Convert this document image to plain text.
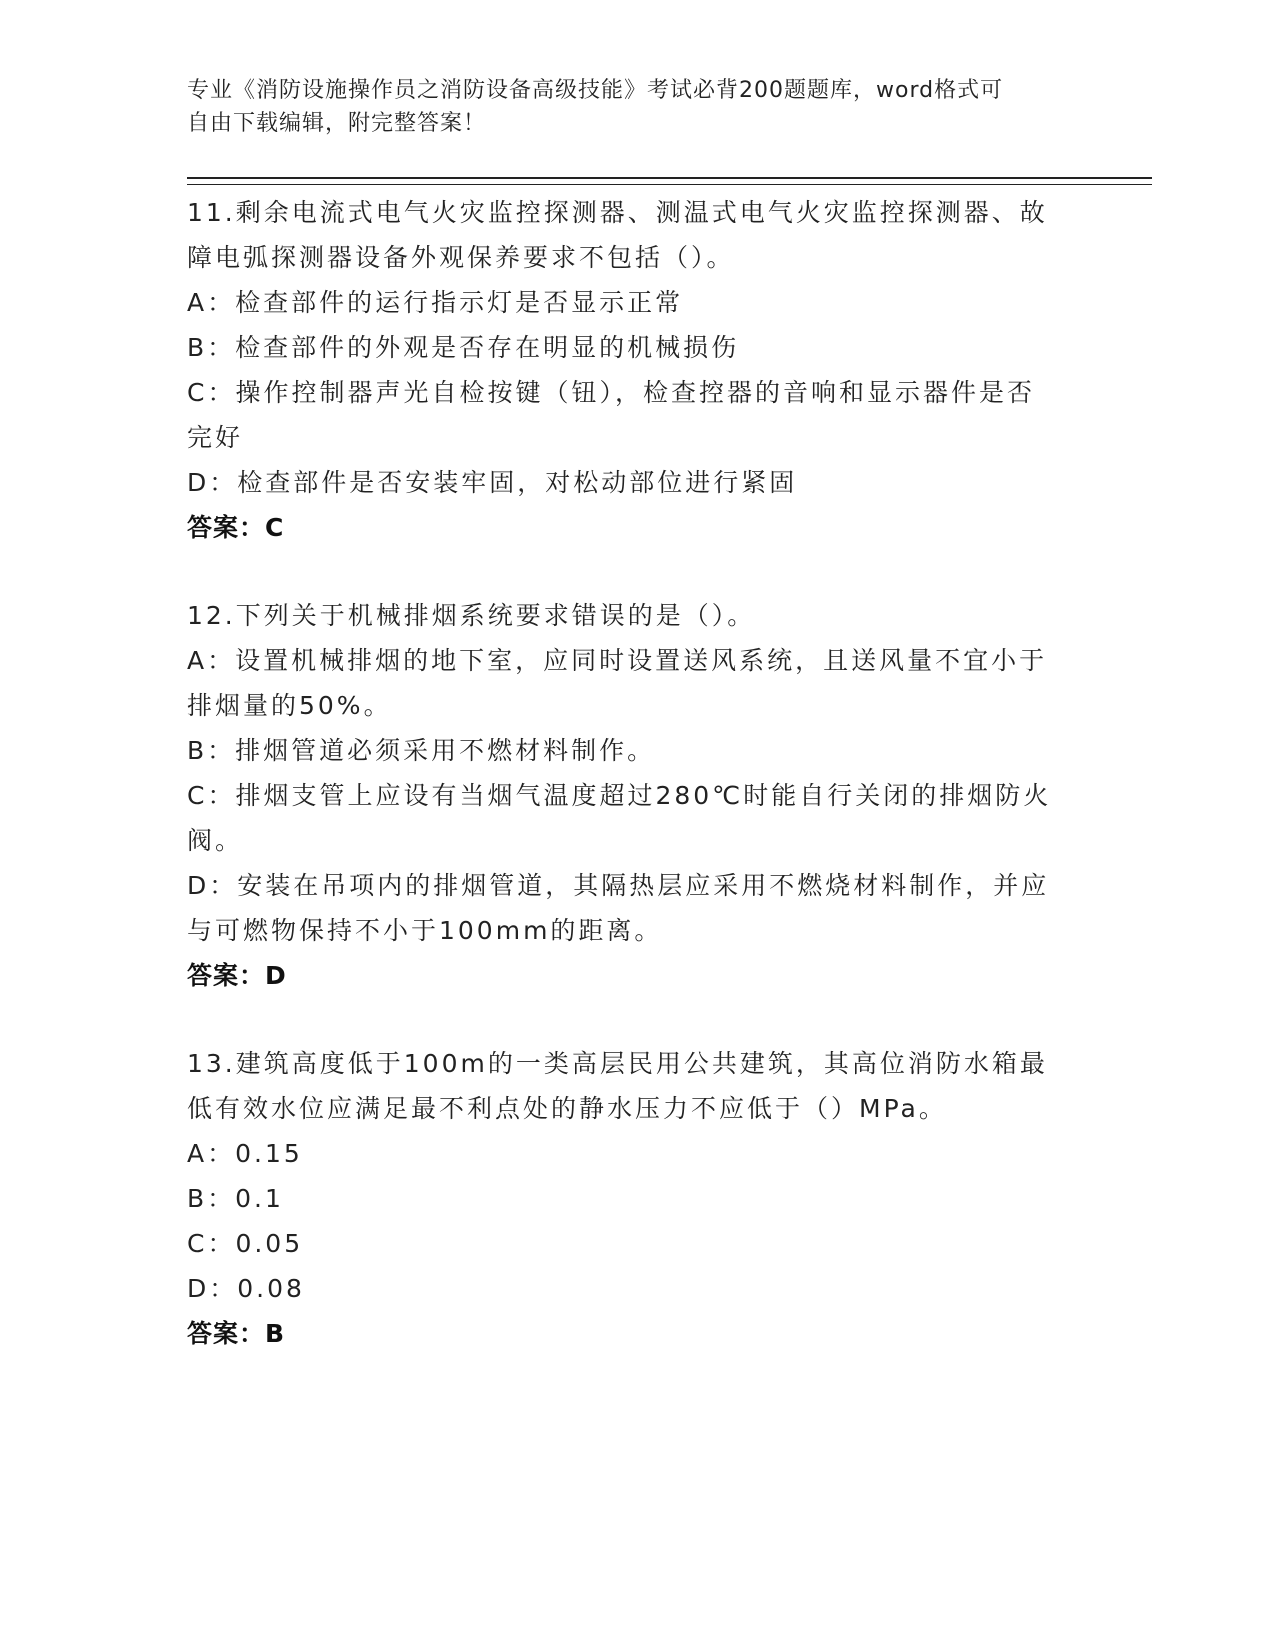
专业《消防设施操作员之消防设备高级技能》考试必背200题题库，word格式可
自由下载编辑，附完整答案！
11.剩余电流式电气火灾监控探测器、测温式电气火灾监控探测器、故
障电弧探测器设备外观保养要求不包括（）。
A：检查部件的运行指示灯是否显示正常
B：检查部件的外观是否存在明显的机械损伤
C：操作控制器声光自检按键（钮），检查控器的音响和显示器件是否
完好
D：检查部件是否安装牢固，对松动部位进行紧固
答案：C
12.下列关于机械排烟系统要求错误的是（）。
A：设置机械排烟的地下室，应同时设置送风系统，且送风量不宜小于
排烟量的50%。
B：排烟管道必须采用不燃材料制作。
C：排烟支管上应设有当烟气温度超过280℃时能自行关闭的排烟防火
阀。
D：安装在吊项内的排烟管道，其隔热层应采用不燃烧材料制作，并应
与可燃物保持不小于100mm的距离。
答案：D
13.建筑高度低于100m的一类高层民用公共建筑，其高位消防水箱最
低有效水位应满足最不利点处的静水压力不应低于（）MPa。
A：0.15
B：0.1
C：0.05
D：0.08
答案：B
